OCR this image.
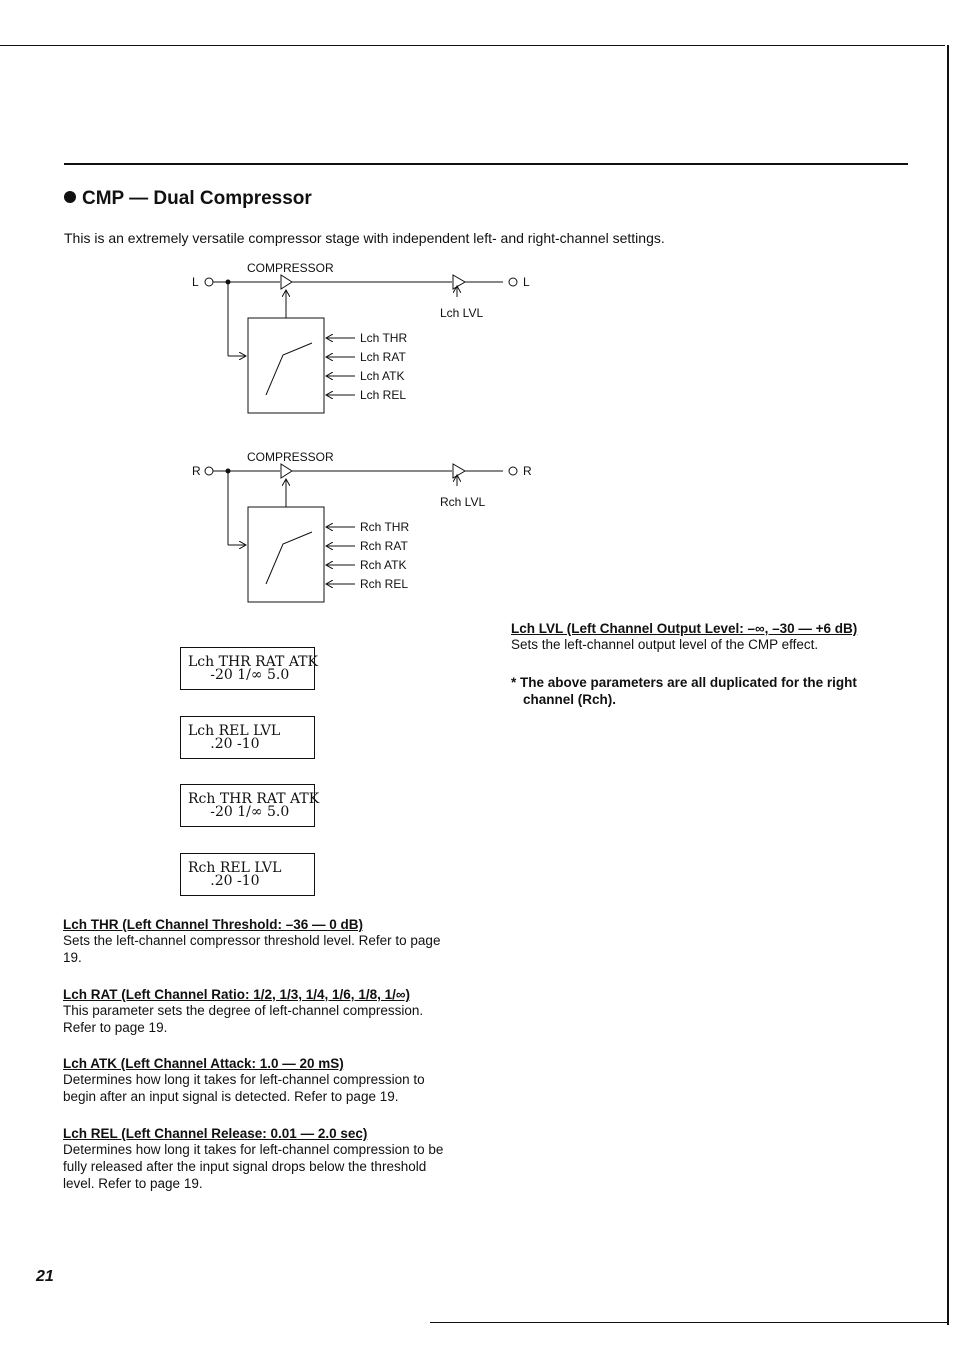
CMP — Dual Compressor
This is an extremely versatile compressor stage with independent left- and right-channel settings.
COMPRESSOR
L	L
Lch LVL
Lch THR
Lch RAT
Lch ATK
Lch REL
COMPRESSOR
R	R
Rch LVL
Rch THR
Rch RAT
Rch ATK
Rch REL
Lch THR RAT ATK
-20 1/∞ 5.0
Lch REL LVL
.20 -10
Rch THR RAT ATK
-20 1/∞ 5.0
Rch REL LVL
.20 -10
Lch THR (Left Channel Threshold: –36 — 0 dB)
Sets the left-channel compressor threshold level. Refer to page 19.
Lch RAT (Left Channel Ratio: 1/2, 1/3, 1/4, 1/6, 1/8, 1/∞)
This parameter sets the degree of left-channel compression. Refer to page 19.
Lch ATK (Left Channel Attack: 1.0 — 20 mS)
Determines how long it takes for left-channel compression to begin after an input signal is detected. Refer to page 19.
Lch REL (Left Channel Release: 0.01 — 2.0 sec)
Determines how long it takes for left-channel compression to be fully released after the input signal drops below the threshold level. Refer to page 19.
Lch LVL (Left Channel Output Level: –∞, –30 — +6 dB)
Sets the left-channel output level of the CMP effect.
* The above parameters are all duplicated for the right channel (Rch).
21
